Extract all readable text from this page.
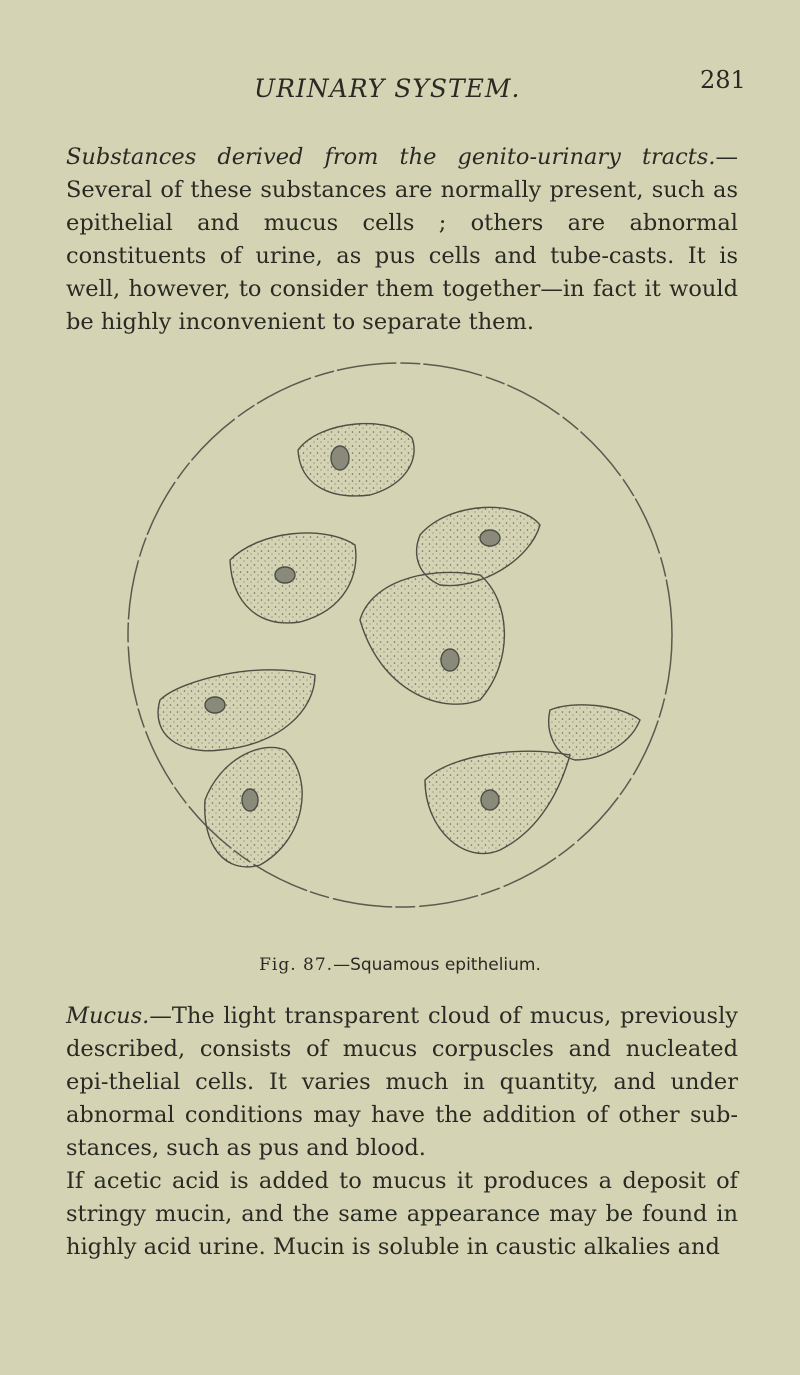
URINARY SYSTEM.	281

Substances derived from the genito-urinary tracts.—Several of these substances are normally present, such as epithelial and mucus cells ; others are abnormal constituents of urine, as pus cells and tube-casts. It is well, however, to consider them together—in fact it would be highly inconvenient to separate them.

Fig. 87.—Squamous epithelium.

Mucus.—The light transparent cloud of mucus, previously described, consists of mucus corpuscles and nucleated epi-thelial cells. It varies much in quantity, and under abnormal conditions may have the addition of other sub-stances, such as pus and blood.

If acetic acid is added to mucus it produces a deposit of stringy mucin, and the same appearance may be found in highly acid urine. Mucin is soluble in caustic alkalies and
